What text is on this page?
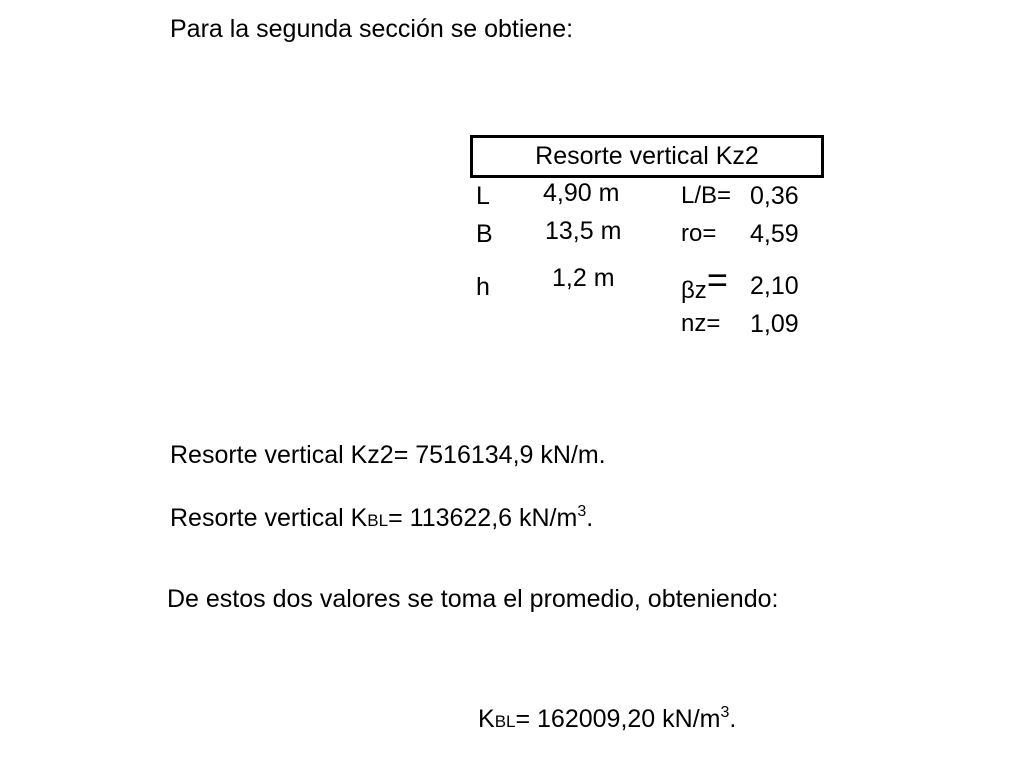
Para la segunda sección se obtiene:
Resorte vertical Kz2
L 4,90 m	L/B= 0,36
B 13,5 m ro= 4,59
h 1,2 m	βz= 2,10
nz= 1,09
Resorte vertical Kz2= 7516134,9 kN/m.
Resorte vertical KBL= 113622,6 $kN/m^3$.
De estos dos valores se toma el promedio, obteniendo:
KBL= 162009,20 $kN/m^3$.
